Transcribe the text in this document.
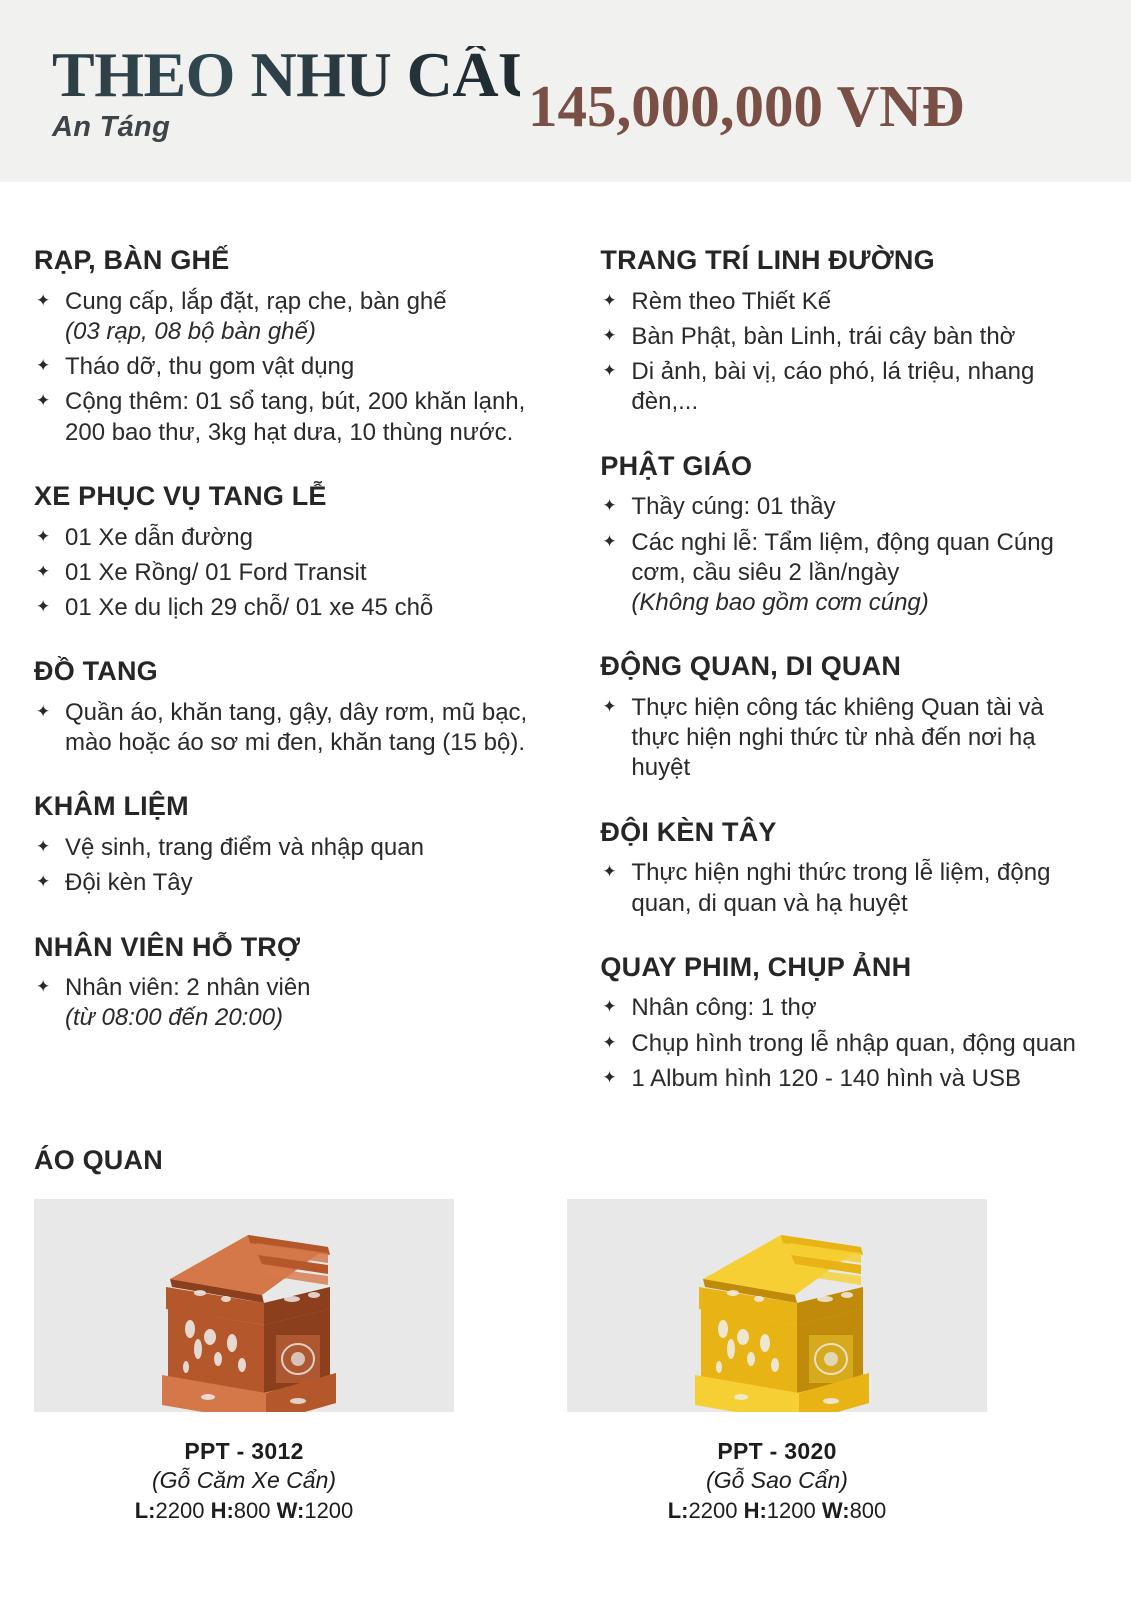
THEO NHU CẦU
An Táng	145,000,000 VNĐ
RẠP, BÀN GHẾ
✦ Cung cấp, lắp đặt, rạp che, bàn ghế
(03 rạp, 08 bộ bàn ghế)
✦ Tháo dỡ, thu gom vật dụng
✦ Cộng thêm: 01 sổ tang, bút, 200 khăn lạnh, 200 bao thư, 3kg hạt dưa, 10 thùng nước.
XE PHỤC VỤ TANG LỄ
✦ 01 Xe dẫn đường
✦ 01 Xe Rồng/ 01 Ford Transit
✦ 01 Xe du lịch 29 chỗ/ 01 xe 45 chỗ
ĐỒ TANG
✦ Quần áo, khăn tang, gậy, dây rơm, mũ bạc, mào hoặc áo sơ mi đen, khăn tang (15 bộ).
KHÂM LIỆM
✦ Vệ sinh, trang điểm và nhập quan
✦ Đội kèn Tây
NHÂN VIÊN HỖ TRỢ
✦ Nhân viên: 2 nhân viên
(từ 08:00 đến 20:00)
TRANG TRÍ LINH ĐƯỜNG
✦ Rèm theo Thiết Kế
✦ Bàn Phật, bàn Linh, trái cây bàn thờ
✦ Di ảnh, bài vị, cáo phó, lá triệu, nhang đèn,...
PHẬT GIÁO
✦ Thầy cúng: 01 thầy
✦ Các nghi lễ: Tẩm liệm, động quan Cúng cơm, cầu siêu 2 lần/ngày
(Không bao gồm cơm cúng)
ĐỘNG QUAN, DI QUAN
✦ Thực hiện công tác khiêng Quan tài và thực hiện nghi thức từ nhà đến nơi hạ huyệt
ĐỘI KÈN TÂY
✦ Thực hiện nghi thức trong lễ liệm, động quan, di quan và hạ huyệt
QUAY PHIM, CHỤP ẢNH
✦ Nhân công: 1 thợ
✦ Chụp hình trong lễ nhập quan, động quan
✦ 1 Album hình 120 - 140 hình và USB
ÁO QUAN
PPT - 3012
(Gỗ Căm Xe Cẩn)
L:2200 H:800 W:1200
PPT - 3020
(Gỗ Sao Cẩn)
L:2200 H:1200 W:800
